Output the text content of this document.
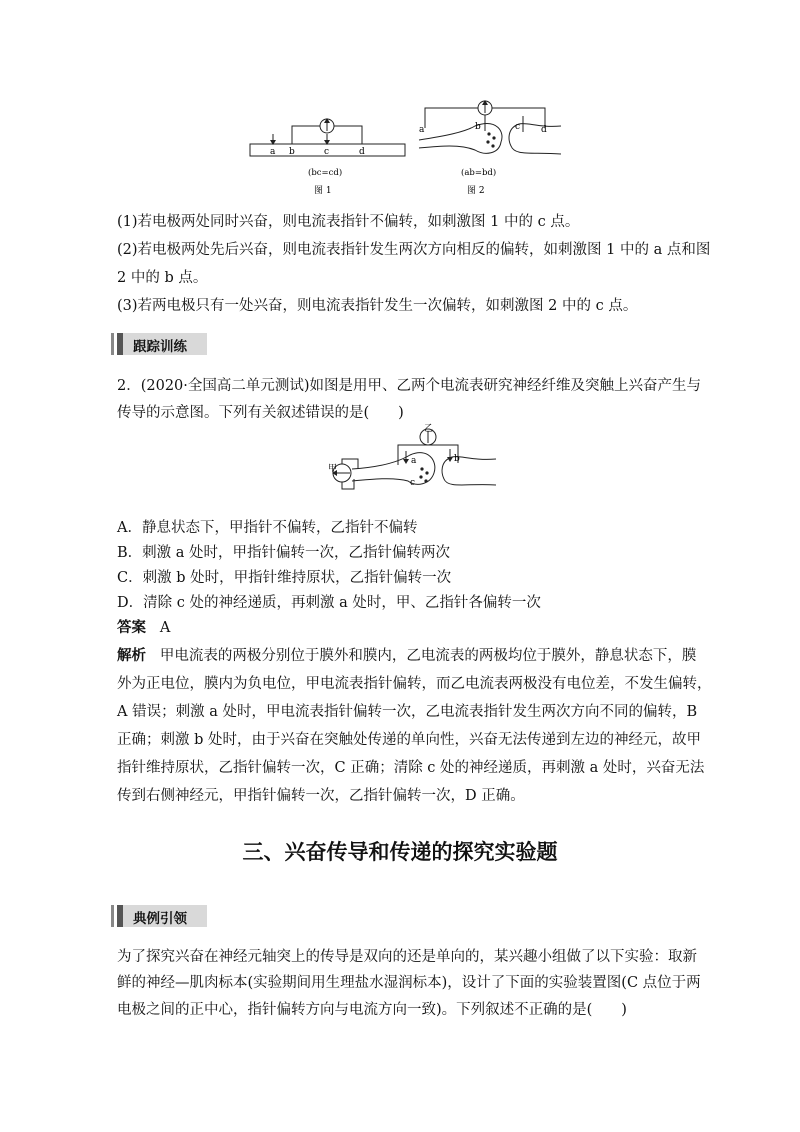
a b	c	d
(bc=cd)
图 1
a	b	c d
(ab=bd)
图 2
(1)若电极两处同时兴奋，则电流表指针不偏转，如刺激图 1 中的 c 点。
(2)若电极两处先后兴奋，则电流表指针发生两次方向相反的偏转，如刺激图 1 中的 a 点和图
2 中的 b 点。
(3)若两电极只有一处兴奋，则电流表指针发生一次偏转，如刺激图 2 中的 c 点。
跟踪训练
2．(2020·全国高二单元测试)如图是用甲、乙两个电流表研究神经纤维及突触上兴奋产生与
传导的示意图。下列有关叙述错误的是(　　)
甲
乙
a	b
c
A．静息状态下，甲指针不偏转，乙指针不偏转
B．刺激 a 处时，甲指针偏转一次，乙指针偏转两次
C．刺激 b 处时，甲指针维持原状，乙指针偏转一次
D．清除 c 处的神经递质，再刺激 a 处时，甲、乙指针各偏转一次
答案 A
解析 甲电流表的两极分别位于膜外和膜内，乙电流表的两极均位于膜外，静息状态下，膜
外为正电位，膜内为负电位，甲电流表指针偏转，而乙电流表两极没有电位差，不发生偏转，
A 错误；刺激 a 处时，甲电流表指针偏转一次，乙电流表指针发生两次方向不同的偏转，B
正确；刺激 b 处时，由于兴奋在突触处传递的单向性，兴奋无法传递到左边的神经元，故甲
指针维持原状，乙指针偏转一次，C 正确；清除 c 处的神经递质，再刺激 a 处时，兴奋无法
传到右侧神经元，甲指针偏转一次，乙指针偏转一次，D 正确。
三、兴奋传导和传递的探究实验题
典例引领
为了探究兴奋在神经元轴突上的传导是双向的还是单向的，某兴趣小组做了以下实验：取新
鲜的神经—肌肉标本(实验期间用生理盐水湿润标本)，设计了下面的实验装置图(C 点位于两
电极之间的正中心，指针偏转方向与电流方向一致)。下列叙述不正确的是(　　)
